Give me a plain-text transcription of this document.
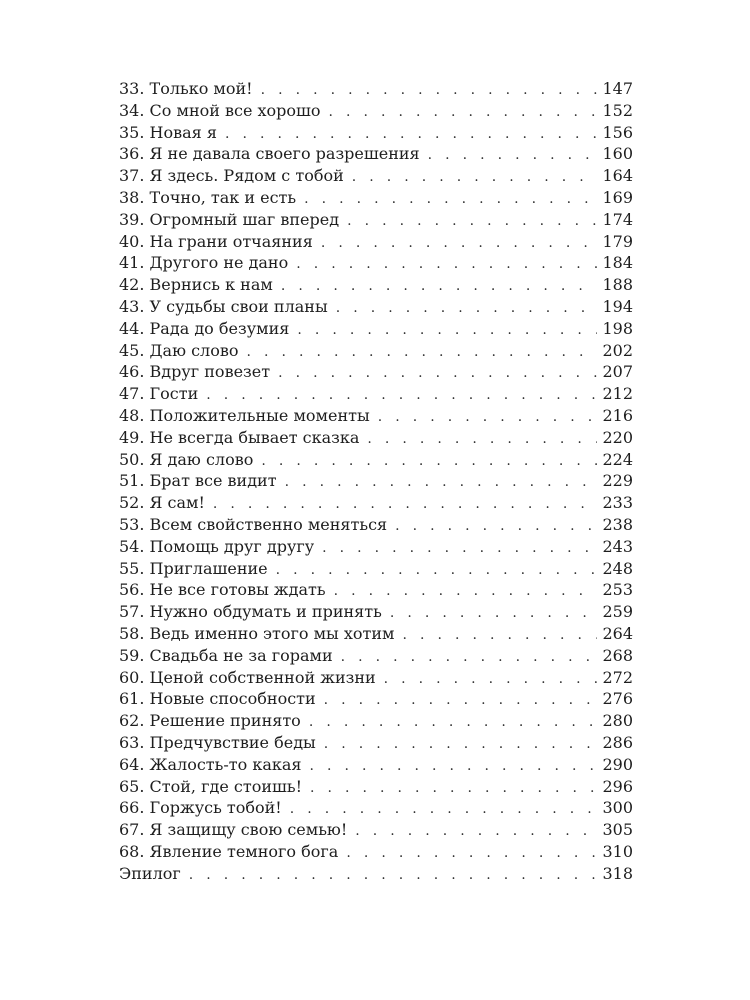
33. Только мой! . . .	147
34. Со мной все хорошо . . .	152
35. Новая я . . .	156
36. Я не давала своего разрешения . . .	160
37. Я здесь. Рядом с тобой . . .	164
38. Точно, так и есть . . .	169
39. Огромный шаг вперед . . .	174
40. На грани отчаяния . . .	179
41. Другого не дано . . .	184
42. Вернись к нам . . .	188
43. У судьбы свои планы . . .	194
44. Рада до безумия . . .	198
45. Даю слово . . .	202
46. Вдруг повезет . . .	207
47. Гости . . .	212
48. Положительные моменты . . .	216
49. Не всегда бывает сказка . . .	220
50. Я даю слово . . .	224
51. Брат все видит . . .	229
52. Я сам! . . .	233
53. Всем свойственно меняться . . .	238
54. Помощь друг другу . . .	243
55. Приглашение . . .	248
56. Не все готовы ждать . . .	253
57. Нужно обдумать и принять . . .	259
58. Ведь именно этого мы хотим . . .	264
59. Свадьба не за горами . . .	268
60. Ценой собственной жизни . . .	272
61. Новые способности . . .	276
62. Решение принято . . .	280
63. Предчувствие беды . . .	286
64. Жалость-то какая . . .	290
65. Стой, где стоишь! . . .	296
66. Горжусь тобой! . . .	300
67. Я защищу свою семью! . . .	305
68. Явление темного бога . . .	310
Эпилог . . .	318
